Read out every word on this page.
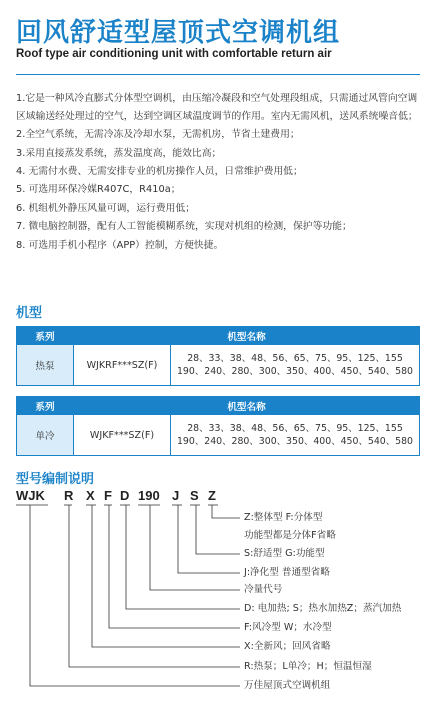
回风舒适型屋顶式空调机组
Roof type air conditioning unit with comfortable return air

1.它是一种风冷直膨式分体型空调机，由压缩冷凝段和空气处理段组成，只需通过风管向空调区域输送经处理过的空气，达到空调区域温度调节的作用。室内无需风机，送风系统噪音低；

2.全空气系统，无需冷冻及冷却水泵，无需机房，节省土建费用；

3.采用直接蒸发系统，蒸发温度高，能效比高；

4. 无需付水费、无需安排专业的机房操作人员，日常维护费用低；

5. 可选用环保冷媒R407C，R410a；

6. 机组机外静压风量可调，运行费用低；

7. 微电脑控制器，配有人工智能模糊系统，实现对机组的检测，保护等功能；

8. 可选用手机小程序（APP）控制，方便快捷。

机型
系列	机型名称	
热泵	WJKRF***SZ(F)	28、33、38、48、56、65、75、95、125、155
190、240、280、300、350、400、450、540、580
系列	机型名称	
单冷	WJKF***SZ(F)	28、33、38、48、56、65、75、95、125、155
190、240、280、300、350、400、450、540、580
型号编制说明
WJK R X F D 190 J S Z
Z:整体型 F:分体型
功能型都是分体F省略
S:舒适型 G:功能型
J:净化型 普通型省略
冷量代号
D: 电加热; S；热水加热Z；蒸汽加热
F:风冷型 W；水冷型
X:全新风；回风省略
R:热泵；L单冷；H；恒温恒湿
万佳屋顶式空调机组
